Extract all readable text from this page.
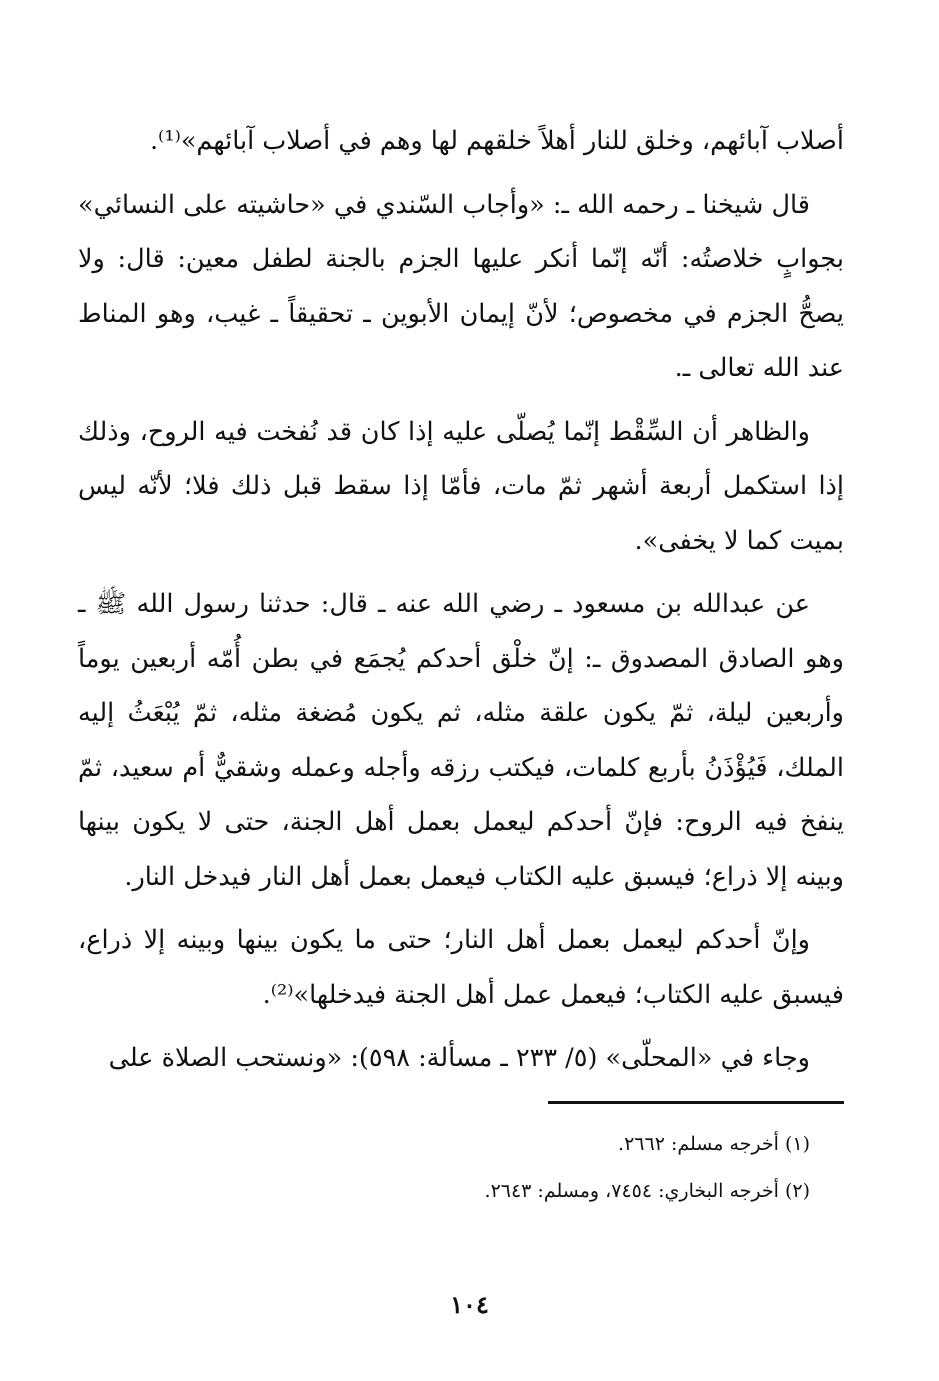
أصلاب آبائهم، وخلق للنار أهلاً خلقهم لها وهم في أصلاب آبائهم»⁽¹⁾.

قال شيخنا ـ رحمه الله ـ: «وأجاب السّندي في «حاشيته على النسائي» بجوابٍ خلاصتُه: أنّه إنّما أنكر عليها الجزم بالجنة لطفل معين: قال: ولا يصحُّ الجزم في مخصوص؛ لأنّ إيمان الأبوين ـ تحقيقاً ـ غيب، وهو المناط عند الله تعالى ـ.

والظاهر أن السِّقْط إنّما يُصلّى عليه إذا كان قد نُفخت فيه الروح، وذلك إذا استكمل أربعة أشهر ثمّ مات، فأمّا إذا سقط قبل ذلك فلا؛ لأنّه ليس بميت كما لا يخفى».

عن عبدالله بن مسعود ـ رضي الله عنه ـ قال: حدثنا رسول الله ﷺ ـ وهو الصادق المصدوق ـ: إنّ خلْق أحدكم يُجمَع في بطن أُمّه أربعين يوماً وأربعين ليلة، ثمّ يكون علقة مثله، ثم يكون مُضغة مثله، ثمّ يُبْعَثُ إليه الملك، فَيُؤْذَنُ بأربع كلمات، فيكتب رزقه وأجله وعمله وشقيٌّ أم سعيد، ثمّ ينفخ فيه الروح: فإنّ أحدكم ليعمل بعمل أهل الجنة، حتى لا يكون بينها وبينه إلا ذراع؛ فيسبق عليه الكتاب فيعمل بعمل أهل النار فيدخل النار.

وإنّ أحدكم ليعمل بعمل أهل النار؛ حتى ما يكون بينها وبينه إلا ذراع، فيسبق عليه الكتاب؛ فيعمل عمل أهل الجنة فيدخلها»⁽²⁾.

وجاء في «المحلّى» (٥/ ٢٣٣ ـ مسألة: ٥٩٨): «ونستحب الصلاة على

(١) أخرجه مسلم: ٢٦٦٢.

(٢) أخرجه البخاري: ٧٤٥٤، ومسلم: ٢٦٤٣.

١٠٤
